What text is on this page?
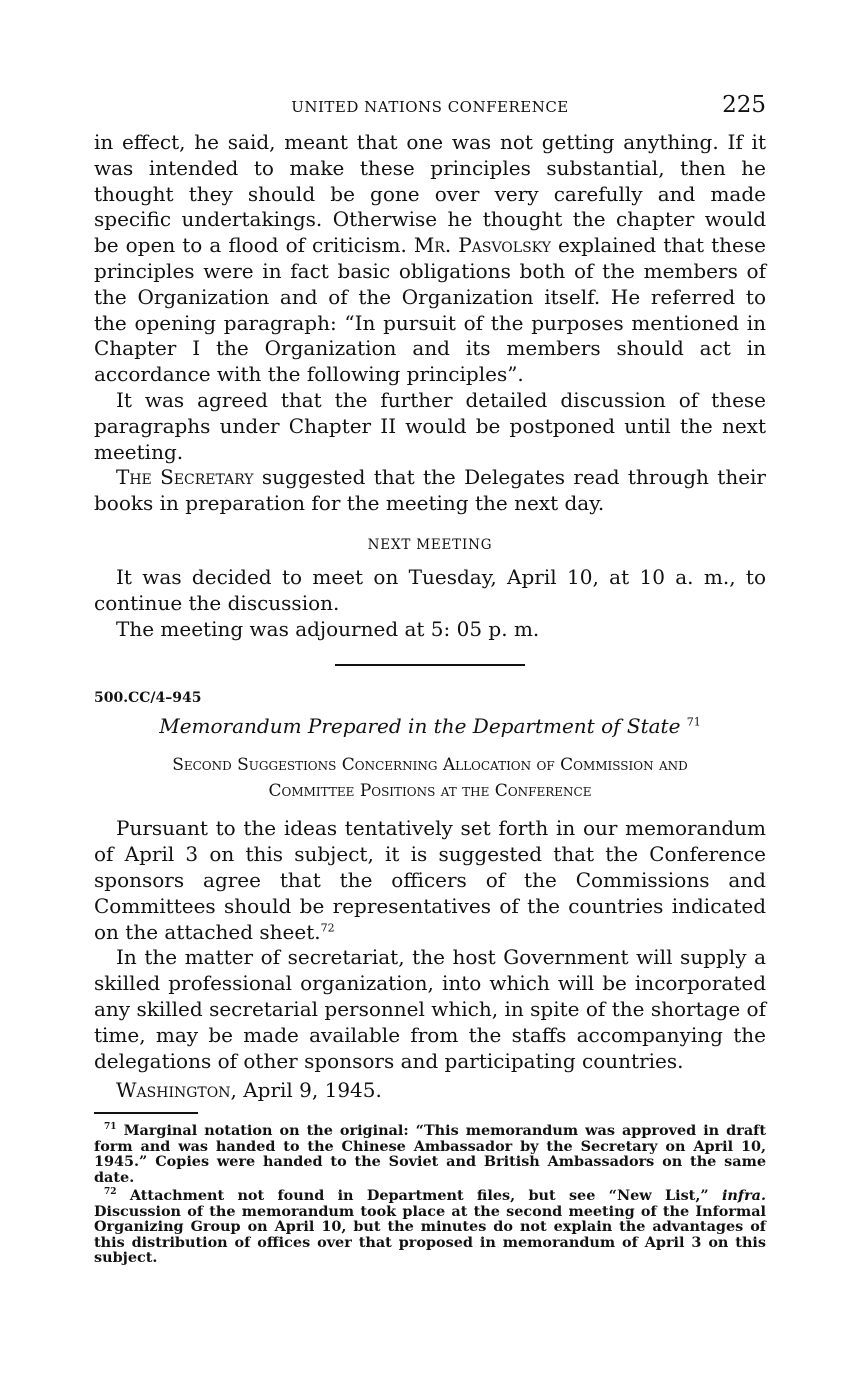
UNITED NATIONS CONFERENCE	225

in effect, he said, meant that one was not getting anything. If it was intended to make these principles substantial, then he thought they should be gone over very carefully and made specific undertakings. Otherwise he thought the chapter would be open to a flood of criticism. Mr. Pasvolsky explained that these principles were in fact basic obligations both of the members of the Organization and of the Organization itself. He referred to the opening paragraph: “In pursuit of the purposes mentioned in Chapter I the Organization and its members should act in accordance with the following principles”.

It was agreed that the further detailed discussion of these paragraphs under Chapter II would be postponed until the next meeting.

The Secretary suggested that the Delegates read through their books in preparation for the meeting the next day.

NEXT MEETING

It was decided to meet on Tuesday, April 10, at 10 a. m., to continue the discussion.

The meeting was adjourned at 5: 05 p. m.

500.CC/4–945

Memorandum Prepared in the Department of State $^{71}$

Second Suggestions Concerning Allocation of Commission and
Committee Positions at the Conference

Pursuant to the ideas tentatively set forth in our memorandum of April 3 on this subject, it is suggested that the Conference sponsors agree that the officers of the Commissions and Committees should be representatives of the countries indicated on the attached sheet.$^{72}$

In the matter of secretariat, the host Government will supply a skilled professional organization, into which will be incorporated any skilled secretarial personnel which, in spite of the shortage of time, may be made available from the staffs accompanying the delegations of other sponsors and participating countries.

Washington, April 9, 1945.

$^{71}$ Marginal notation on the original: “This memorandum was approved in draft form and was handed to the Chinese Ambassador by the Secretary on April 10, 1945.” Copies were handed to the Soviet and British Ambassadors on the same date.

$^{72}$ Attachment not found in Department files, but see “New List,” infra. Discussion of the memorandum took place at the second meeting of the Informal Organizing Group on April 10, but the minutes do not explain the advantages of this distribution of offices over that proposed in memorandum of April 3 on this subject.
